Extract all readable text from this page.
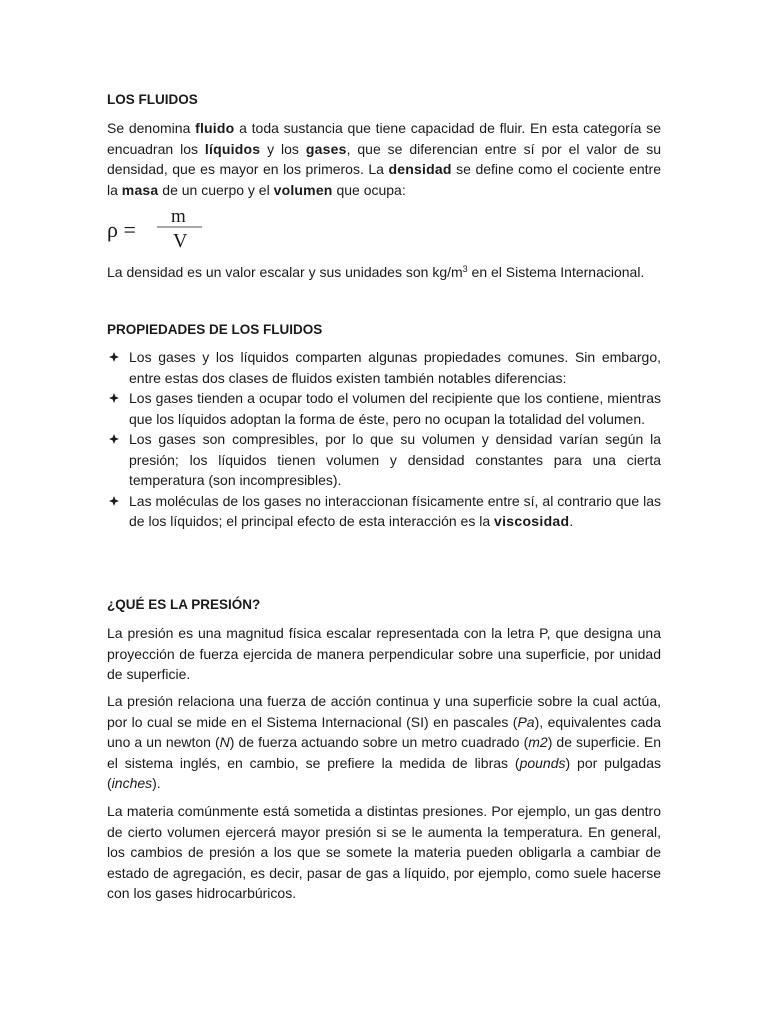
LOS FLUIDOS

Se denomina fluido a toda sustancia que tiene capacidad de fluir. En esta categoría se encuadran los líquidos y los gases, que se diferencian entre sí por el valor de su densidad, que es mayor en los primeros. La densidad se define como el cociente entre la masa de un cuerpo y el volumen que ocupa:

ρ =
m
V

La densidad es un valor escalar y sus unidades son $kg/m^3$ en el Sistema Internacional.

PROPIEDADES DE LOS FLUIDOS
Los gases y los líquidos comparten algunas propiedades comunes. Sin embargo, entre estas dos clases de fluidos existen también notables diferencias:
Los gases tienden a ocupar todo el volumen del recipiente que los contiene, mientras que los líquidos adoptan la forma de éste, pero no ocupan la totalidad del volumen.
Los gases son compresibles, por lo que su volumen y densidad varían según la presión; los líquidos tienen volumen y densidad constantes para una cierta temperatura (son incompresibles).
Las moléculas de los gases no interaccionan físicamente entre sí, al contrario que las de los líquidos; el principal efecto de esta interacción es la viscosidad.
¿QUÉ ES LA PRESIÓN?

La presión es una magnitud física escalar representada con la letra P, que designa una proyección de fuerza ejercida de manera perpendicular sobre una superficie, por unidad de superficie.

La presión relaciona una fuerza de acción continua y una superficie sobre la cual actúa, por lo cual se mide en el Sistema Internacional (SI) en pascales (Pa), equivalentes cada uno a un newton (N) de fuerza actuando sobre un metro cuadrado (m2) de superficie. En el sistema inglés, en cambio, se prefiere la medida de libras (pounds) por pulgadas (inches).

La materia comúnmente está sometida a distintas presiones. Por ejemplo, un gas dentro de cierto volumen ejercerá mayor presión si se le aumenta la temperatura. En general, los cambios de presión a los que se somete la materia pueden obligarla a cambiar de estado de agregación, es decir, pasar de gas a líquido, por ejemplo, como suele hacerse con los gases hidrocarbúricos.
